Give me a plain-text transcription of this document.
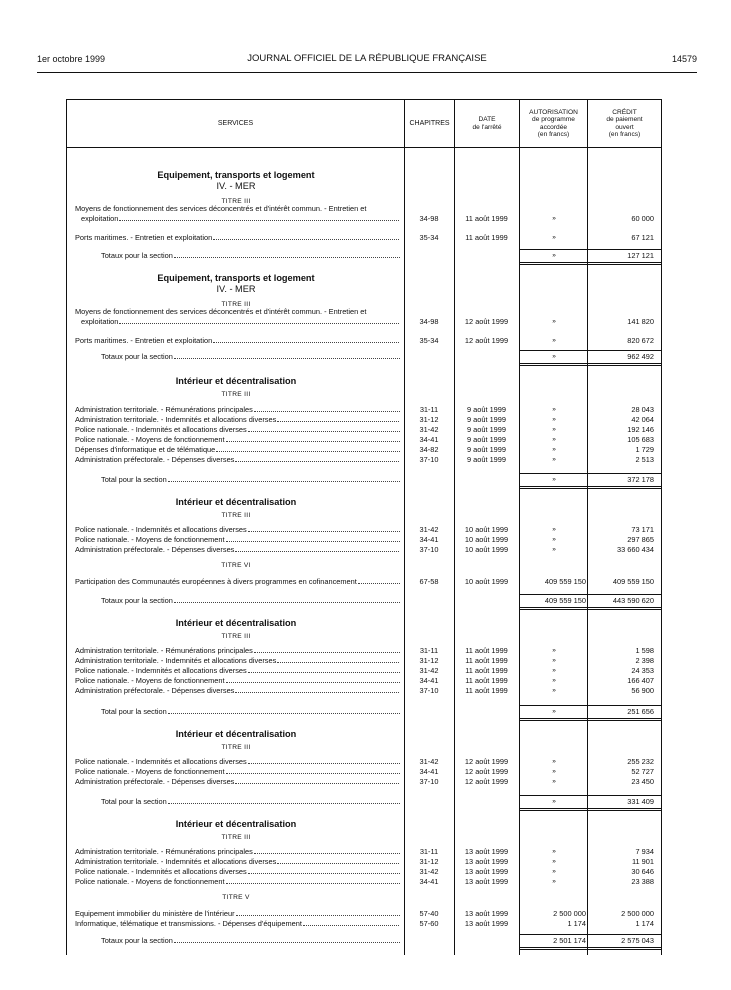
1er octobre 1999	JOURNAL OFFICIEL DE LA RÉPUBLIQUE FRANÇAISE	14579
SERVICES	CHAPITRES
DATE
de l'arrêté
AUTORISATION
de programme
accordée
(en francs)
CRÉDIT
de paiement
ouvert
(en francs)
Equipement, transports et logement
IV. - MER
TITRE III
Moyens de fonctionnement des services déconcentrés et d'intérêt commun. - Entretien et
exploitation	34-98	11 août 1999	»	60 000
Ports maritimes. - Entretien et exploitation	35-34	11 août 1999	»	67 121
Totaux pour la section	»	127 121
Equipement, transports et logement
IV. - MER
TITRE III
Moyens de fonctionnement des services déconcentrés et d'intérêt commun. - Entretien et
exploitation	34-98	12 août 1999	»	141 820
Ports maritimes. - Entretien et exploitation	35-34	12 août 1999	»	820 672
Totaux pour la section	»	962 492
Intérieur et décentralisation
TITRE III
Administration territoriale. - Rémunérations principales	31-11	9 août 1999	»	28 043
Administration territoriale. - Indemnités et allocations diverses	31-12	9 août 1999	»	42 064
Police nationale. - Indemnités et allocations diverses	31-42	9 août 1999	»	192 146
Police nationale. - Moyens de fonctionnement	34-41	9 août 1999	»	105 683
Dépenses d'informatique et de télématique	34-82	9 août 1999	»	1 729
Administration préfectorale. - Dépenses diverses	37-10	9 août 1999	»	2 513
Total pour la section	»	372 178
Intérieur et décentralisation
TITRE III
Police nationale. - Indemnités et allocations diverses	31-42	10 août 1999	»	73 171
Police nationale. - Moyens de fonctionnement	34-41	10 août 1999	»	297 865
Administration préfectorale. - Dépenses diverses	37-10	10 août 1999	»	33 660 434
TITRE VI
Participation des Communautés européennes à divers programmes en cofinancement	67-58	10 août 1999	409 559 150	409 559 150
Totaux pour la section	409 559 150	443 590 620
Intérieur et décentralisation
TITRE III
Administration territoriale. - Rémunérations principales	31-11	11 août 1999	»	1 598
Administration territoriale. - Indemnités et allocations diverses	31-12	11 août 1999	»	2 398
Police nationale. - Indemnités et allocations diverses	31-42	11 août 1999	»	24 353
Police nationale. - Moyens de fonctionnement	34-41	11 août 1999	»	166 407
Administration préfectorale. - Dépenses diverses	37-10	11 août 1999	»	56 900
Total pour la section	»	251 656
Intérieur et décentralisation
TITRE III
Police nationale. - Indemnités et allocations diverses	31-42	12 août 1999	»	255 232
Police nationale. - Moyens de fonctionnement	34-41	12 août 1999	»	52 727
Administration préfectorale. - Dépenses diverses	37-10	12 août 1999	»	23 450
Total pour la section	»	331 409
Intérieur et décentralisation
TITRE III
Administration territoriale. - Rémunérations principales	31-11	13 août 1999	»	7 934
Administration territoriale. - Indemnités et allocations diverses	31-12	13 août 1999	»	11 901
Police nationale. - Indemnités et allocations diverses	31-42	13 août 1999	»	30 646
Police nationale. - Moyens de fonctionnement	34-41	13 août 1999	»	23 388
TITRE V
Equipement immobilier du ministère de l'intérieur	57-40	13 août 1999	2 500 000	2 500 000
Informatique, télématique et transmissions. - Dépenses d'équipement	57-60	13 août 1999	1 174	1 174
Totaux pour la section	2 501 174	2 575 043
